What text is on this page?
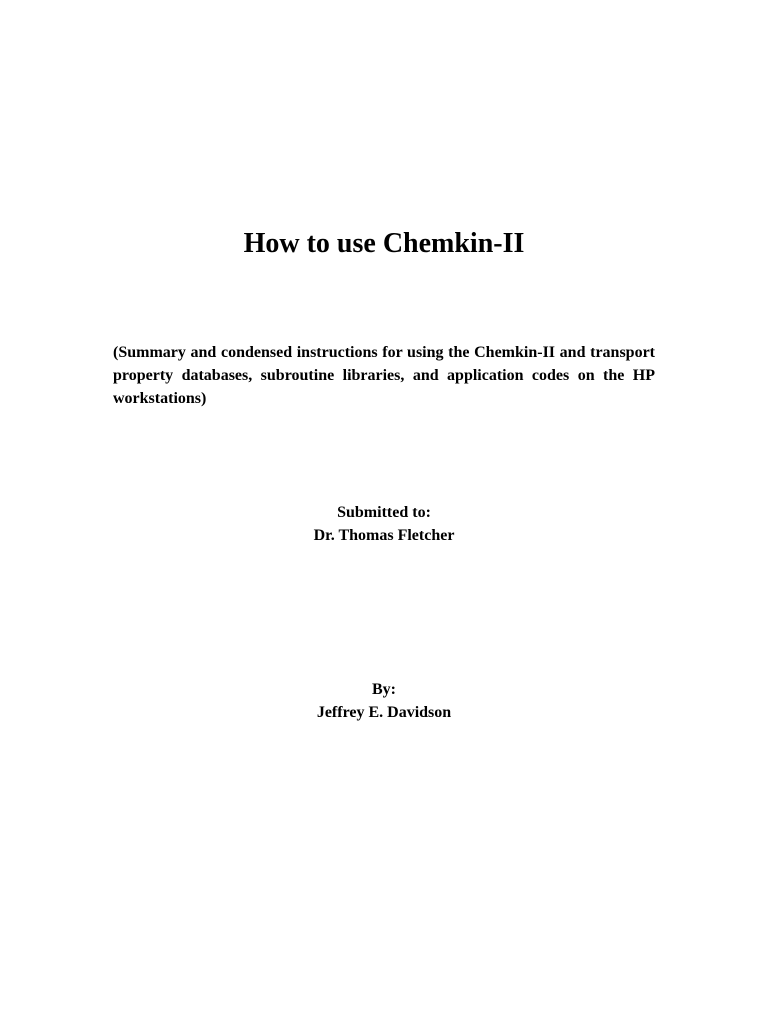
How to use Chemkin-II

(Summary and condensed instructions for using the Chemkin-II and transport property databases, subroutine libraries, and application codes on the HP workstations)

Submitted to:
Dr. Thomas Fletcher
By:
Jeffrey E. Davidson
